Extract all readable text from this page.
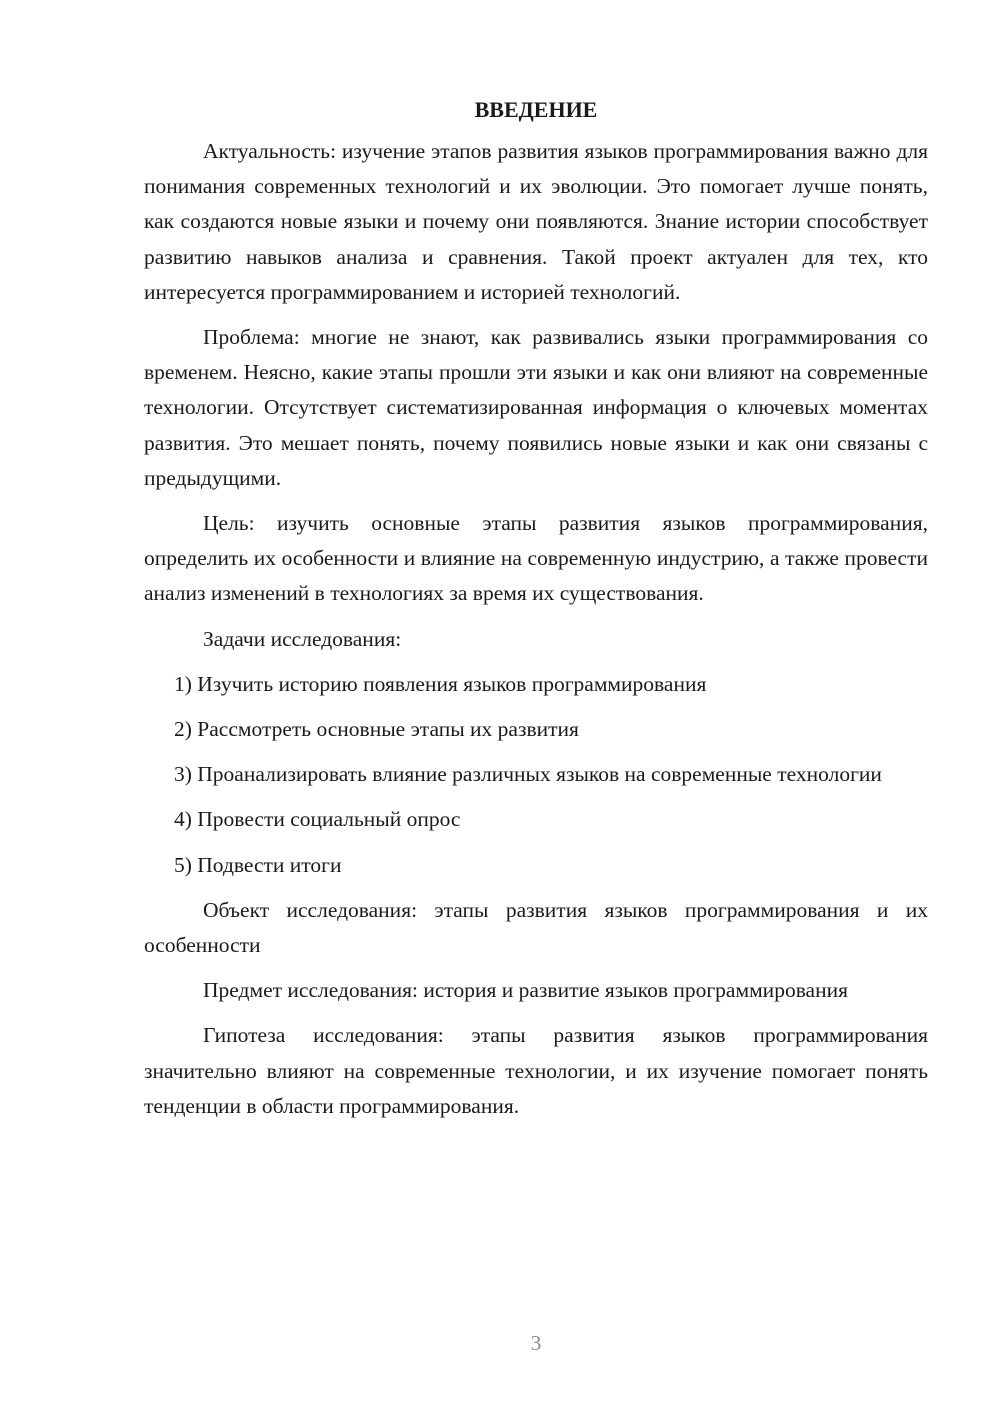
ВВЕДЕНИЕ

Актуальность: изучение этапов развития языков программирования важно для понимания современных технологий и их эволюции. Это помогает лучше понять, как создаются новые языки и почему они появляются. Знание истории способствует развитию навыков анализа и сравнения. Такой проект актуален для тех, кто интересуется программированием и историей технологий.

Проблема: многие не знают, как развивались языки программирования со временем. Неясно, какие этапы прошли эти языки и как они влияют на современные технологии. Отсутствует систематизированная информация о ключевых моментах развития. Это мешает понять, почему появились новые языки и как они связаны с предыдущими.

Цель: изучить основные этапы развития языков программирования, определить их особенности и влияние на современную индустрию, а также провести анализ изменений в технологиях за время их существования.

Задачи исследования:

1) Изучить историю появления языков программирования
2) Рассмотреть основные этапы их развития
3) Проанализировать влияние различных языков на современные технологии
4) Провести социальный опрос
5) Подвести итоги

Объект исследования: этапы развития языков программирования и их особенности

Предмет исследования: история и развитие языков программирования

Гипотеза исследования: этапы развития языков программирования значительно влияют на современные технологии, и их изучение помогает понять тенденции в области программирования.

3
